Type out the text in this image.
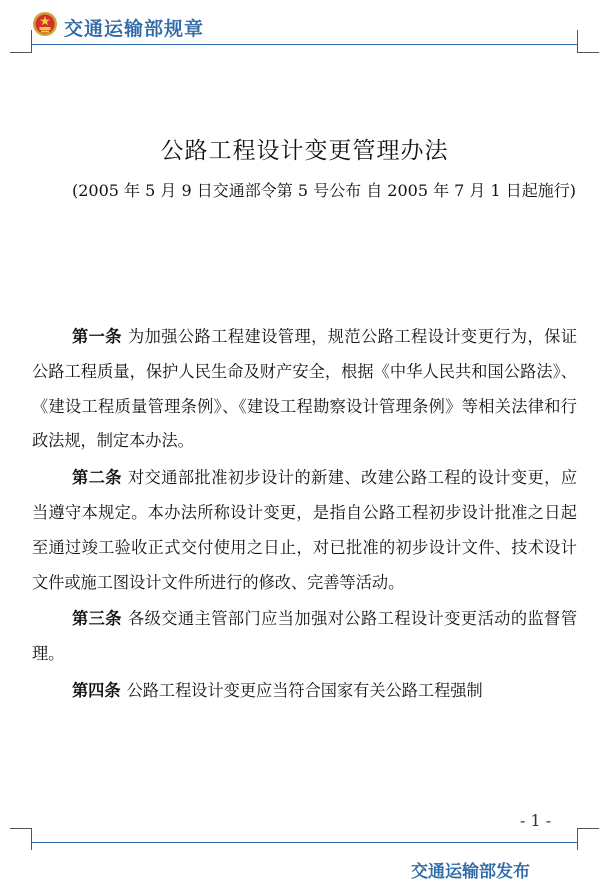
交通运输部规章
公路工程设计变更管理办法
(2005 年 5 月 9 日交通部令第 5 号公布 自 2005 年 7 月 1 日起施行)

第一条 为加强公路工程建设管理，规范公路工程设计变更行为，保证公路工程质量，保护人民生命及财产安全，根据《中华人民共和国公路法》、《建设工程质量管理条例》、《建设工程勘察设计管理条例》等相关法律和行政法规，制定本办法。

第二条 对交通部批准初步设计的新建、改建公路工程的设计变更，应当遵守本规定。本办法所称设计变更，是指自公路工程初步设计批准之日起至通过竣工验收正式交付使用之日止，对已批准的初步设计文件、技术设计文件或施工图设计文件所进行的修改、完善等活动。

第三条 各级交通主管部门应当加强对公路工程设计变更活动的监督管理。

第四条 公路工程设计变更应当符合国家有关公路工程强制

- 1 -
交通运输部发布
